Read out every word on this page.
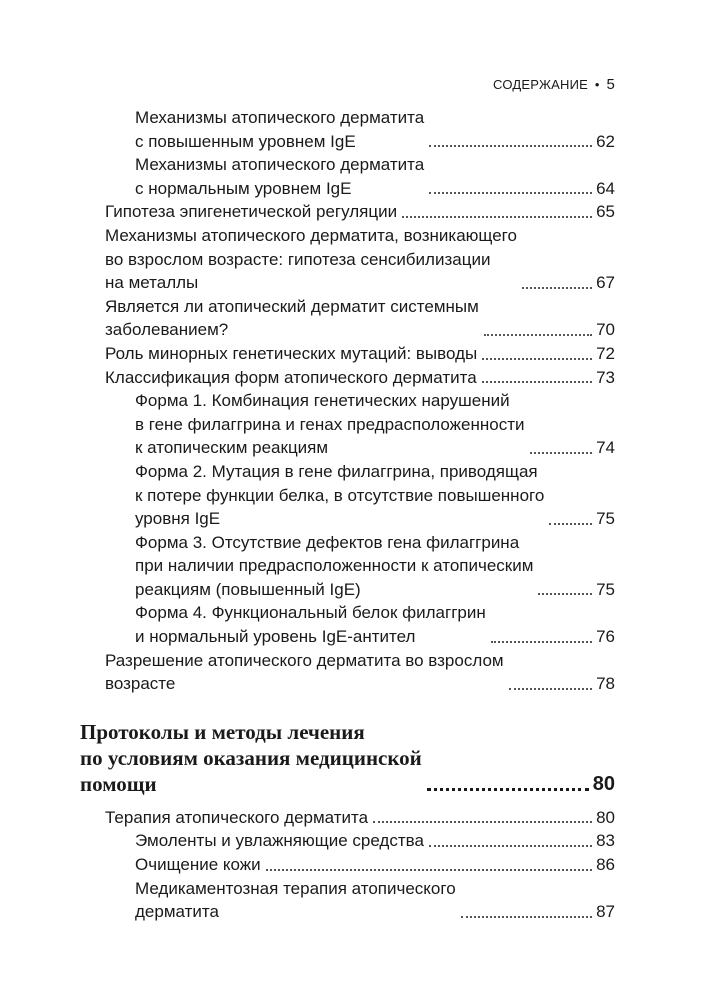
СОДЕРЖАНИЕ • 5
Механизмы атопического дерматита
с повышенным уровнем IgE	62
Механизмы атопического дерматита
с нормальным уровнем IgE	64
Гипотеза эпигенетической регуляции	65
Механизмы атопического дерматита, возникающего
во взрослом возрасте: гипотеза сенсибилизации
на металлы	67
Является ли атопический дерматит системным
заболеванием?	70
Роль минорных генетических мутаций: выводы	72
Классификация форм атопического дерматита	73
Форма 1. Комбинация генетических нарушений
в гене филаггрина и генах предрасположенности
к атопическим реакциям	74
Форма 2. Мутация в гене филаггрина, приводящая
к потере функции белка, в отсутствие повышенного
уровня IgE	75
Форма 3. Отсутствие дефектов гена филаггрина
при наличии предрасположенности к атопическим
реакциям (повышенный IgE)	75
Форма 4. Функциональный белок филаггрин
и нормальный уровень IgE-антител	76
Разрешение атопического дерматита во взрослом
возрасте	78
Протоколы и методы лечения
по условиям оказания медицинской
помощи	80
Терапия атопического дерматита	80
Эмоленты и увлажняющие средства	83
Очищение кожи	86
Медикаментозная терапия атопического
дерматита	87
